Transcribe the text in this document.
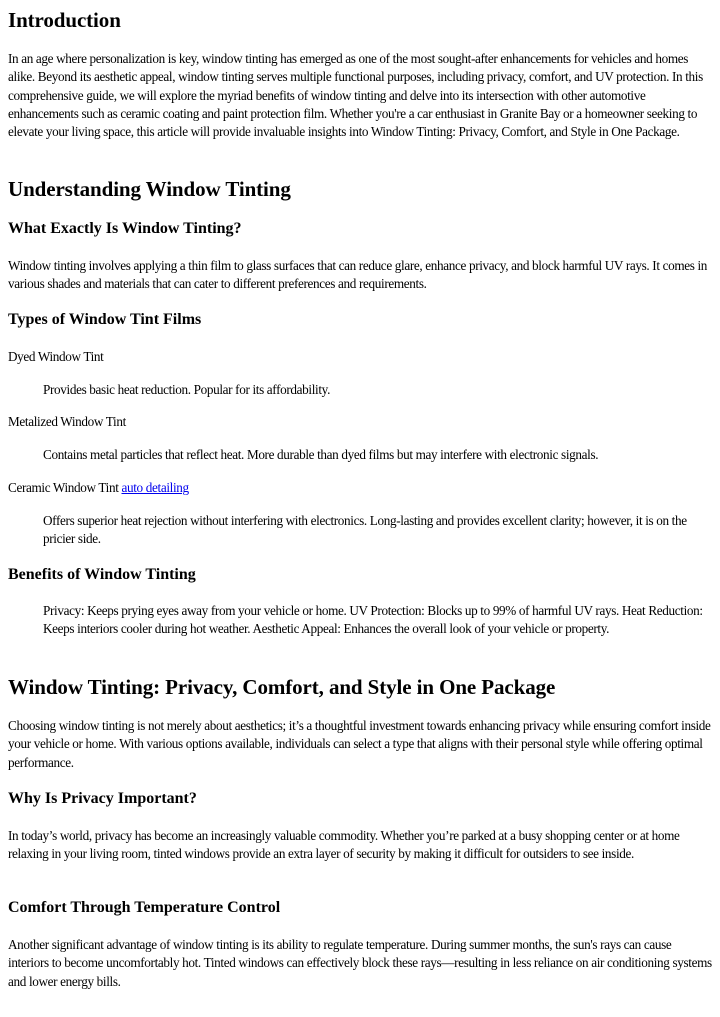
Introduction

In an age where personalization is key, window tinting has emerged as one of the most sought-after enhancements for vehicles and homes alike. Beyond its aesthetic appeal, window tinting serves multiple functional purposes, including privacy, comfort, and UV protection. In this comprehensive guide, we will explore the myriad benefits of window tinting and delve into its intersection with other automotive enhancements such as ceramic coating and paint protection film. Whether you're a car enthusiast in Granite Bay or a homeowner seeking to elevate your living space, this article will provide invaluable insights into Window Tinting: Privacy, Comfort, and Style in One Package.

Understanding Window Tinting
What Exactly Is Window Tinting?

Window tinting involves applying a thin film to glass surfaces that can reduce glare, enhance privacy, and block harmful UV rays. It comes in various shades and materials that can cater to different preferences and requirements.

Types of Window Tint Films

Dyed Window Tint

Provides basic heat reduction. Popular for its affordability.

Metalized Window Tint

Contains metal particles that reflect heat. More durable than dyed films but may interfere with electronic signals.

Ceramic Window Tint auto detailing

Offers superior heat rejection without interfering with electronics. Long-lasting and provides excellent clarity; however, it is on the pricier side.

Benefits of Window Tinting

Privacy: Keeps prying eyes away from your vehicle or home. UV Protection: Blocks up to 99% of harmful UV rays. Heat Reduction: Keeps interiors cooler during hot weather. Aesthetic Appeal: Enhances the overall look of your vehicle or property.

Window Tinting: Privacy, Comfort, and Style in One Package

Choosing window tinting is not merely about aesthetics; it’s a thoughtful investment towards enhancing privacy while ensuring comfort inside your vehicle or home. With various options available, individuals can select a type that aligns with their personal style while offering optimal performance.

Why Is Privacy Important?

In today’s world, privacy has become an increasingly valuable commodity. Whether you’re parked at a busy shopping center or at home relaxing in your living room, tinted windows provide an extra layer of security by making it difficult for outsiders to see inside.

Comfort Through Temperature Control

Another significant advantage of window tinting is its ability to regulate temperature. During summer months, the sun's rays can cause interiors to become uncomfortably hot. Tinted windows can effectively block these rays—resulting in less reliance on air conditioning systems and lower energy bills.
